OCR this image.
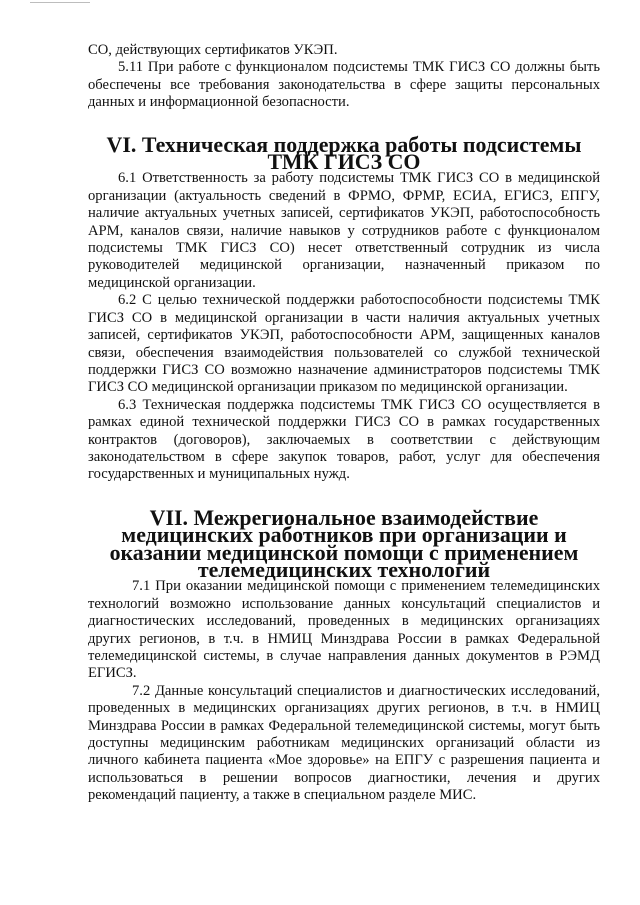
СО, действующих сертификатов УКЭП.

5.11 При работе с функционалом подсистемы ТМК ГИСЗ СО должны быть обеспечены все требования законодательства в сфере защиты персональных данных и информационной безопасности.

VI. Техническая поддержка работы подсистемы ТМК ГИСЗ СО

6.1 Ответственность за работу подсистемы ТМК ГИСЗ СО в медицинской организации (актуальность сведений в ФРМО, ФРМР, ЕСИА, ЕГИСЗ, ЕПГУ, наличие актуальных учетных записей, сертификатов УКЭП, работоспособность АРМ, каналов связи, наличие навыков у сотрудников работе с функционалом подсистемы ТМК ГИСЗ СО) несет ответственный сотрудник из числа руководителей медицинской организации, назначенный приказом по медицинской организации.

6.2 С целью технической поддержки работоспособности подсистемы ТМК ГИСЗ СО в медицинской организации в части наличия актуальных учетных записей, сертификатов УКЭП, работоспособности АРМ, защищенных каналов связи, обеспечения взаимодействия пользователей со службой технической поддержки ГИСЗ СО возможно назначение администраторов подсистемы ТМК ГИСЗ СО медицинской организации приказом по медицинской организации.

6.3 Техническая поддержка подсистемы ТМК ГИСЗ СО осуществляется в рамках единой технической поддержки ГИСЗ СО в рамках государственных контрактов (договоров), заключаемых в соответствии с действующим законодательством в сфере закупок товаров, работ, услуг для обеспечения государственных и муниципальных нужд.

VII. Межрегиональное взаимодействие медицинских работников при организации и оказании медицинской помощи с применением телемедицинских технологий

7.1 При оказании медицинской помощи с применением телемедицинских технологий возможно использование данных консультаций специалистов и диагностических исследований, проведенных в медицинских организациях других регионов, в т.ч. в НМИЦ Минздрава России в рамках Федеральной телемедицинской системы, в случае направления данных документов в РЭМД ЕГИСЗ.

7.2 Данные консультаций специалистов и диагностических исследований, проведенных в медицинских организациях других регионов, в т.ч. в НМИЦ Минздрава России в рамках Федеральной телемедицинской системы, могут быть доступны медицинским работникам медицинских организаций области из личного кабинета пациента «Мое здоровье» на ЕПГУ с разрешения пациента и использоваться в решении вопросов диагностики, лечения и других рекомендаций пациенту, а также в специальном разделе МИС.
